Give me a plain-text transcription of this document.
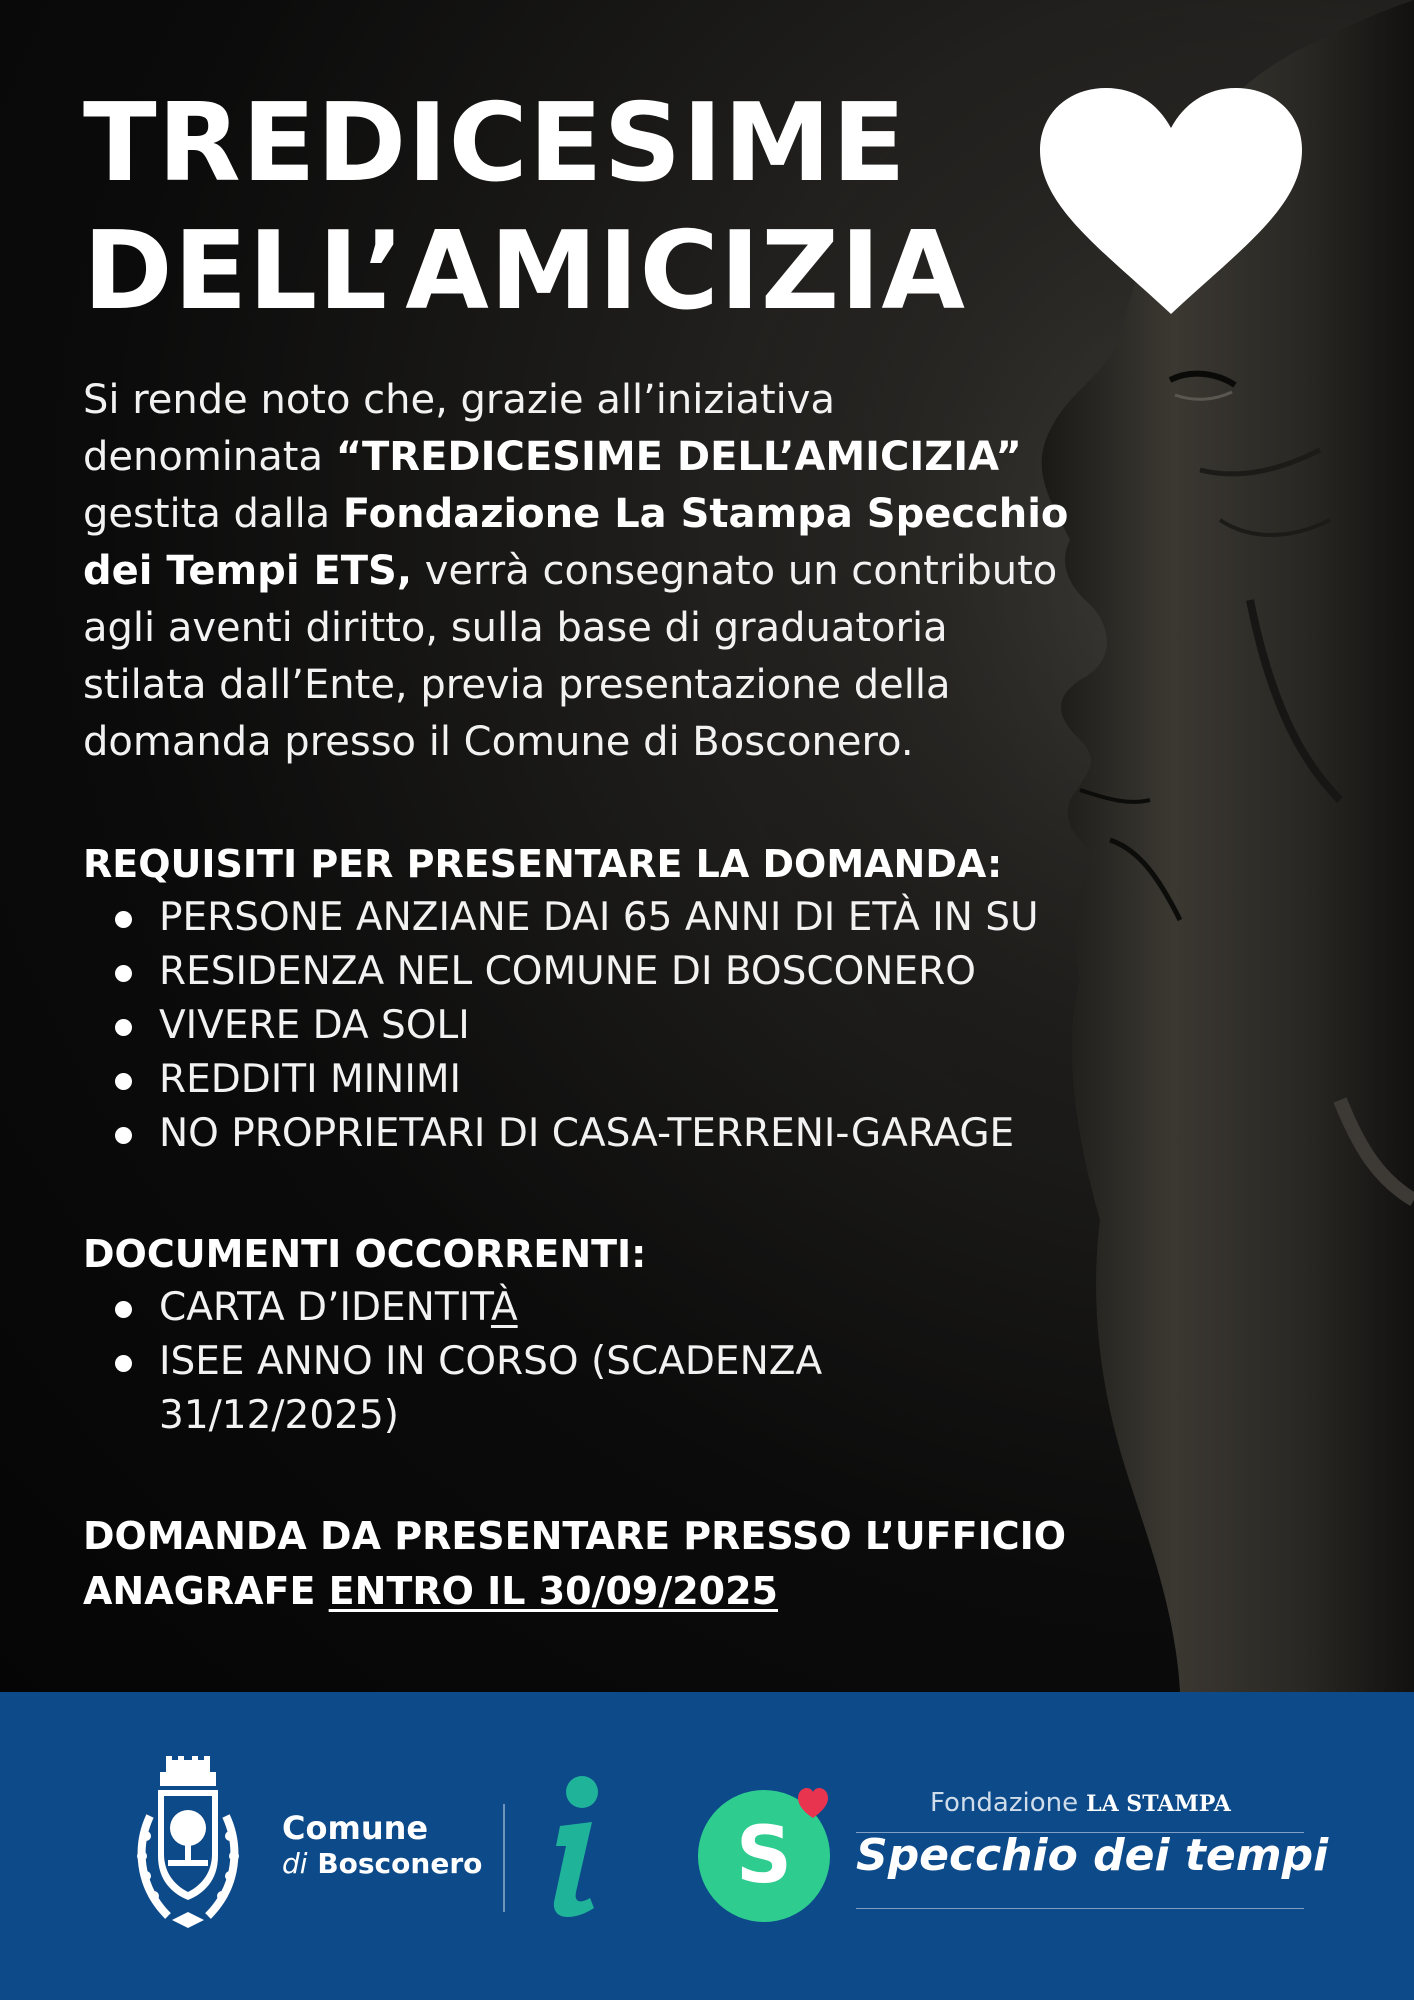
TREDICESIME
DELL’AMICIZIA

Si rende noto che, grazie all’iniziativa denominata “TREDICESIME DELL’AMICIZIA” gestita dalla Fondazione La Stampa Specchio dei Tempi ETS, verrà consegnato un contributo agli aventi diritto, sulla base di graduatoria stilata dall’Ente, previa presentazione della domanda presso il Comune di Bosconero.

REQUISITI PER PRESENTARE LA DOMANDA:
PERSONE ANZIANE DAI 65 ANNI DI ETÀ IN SU
RESIDENZA NEL COMUNE DI BOSCONERO
VIVERE DA SOLI
REDDITI MINIMI
NO PROPRIETARI DI CASA-TERRENI-GARAGE
DOCUMENTI OCCORRENTI:
CARTA D’IDENTITÀ
ISEE ANNO IN CORSO (SCADENZA 31/12/2025)

DOMANDA DA PRESENTARE PRESSO L’UFFICIO ANAGRAFE ENTRO IL 30/09/2025

Comune
di Bosconero	S
Fondazione LA STAMPA
Specchio dei tempi
